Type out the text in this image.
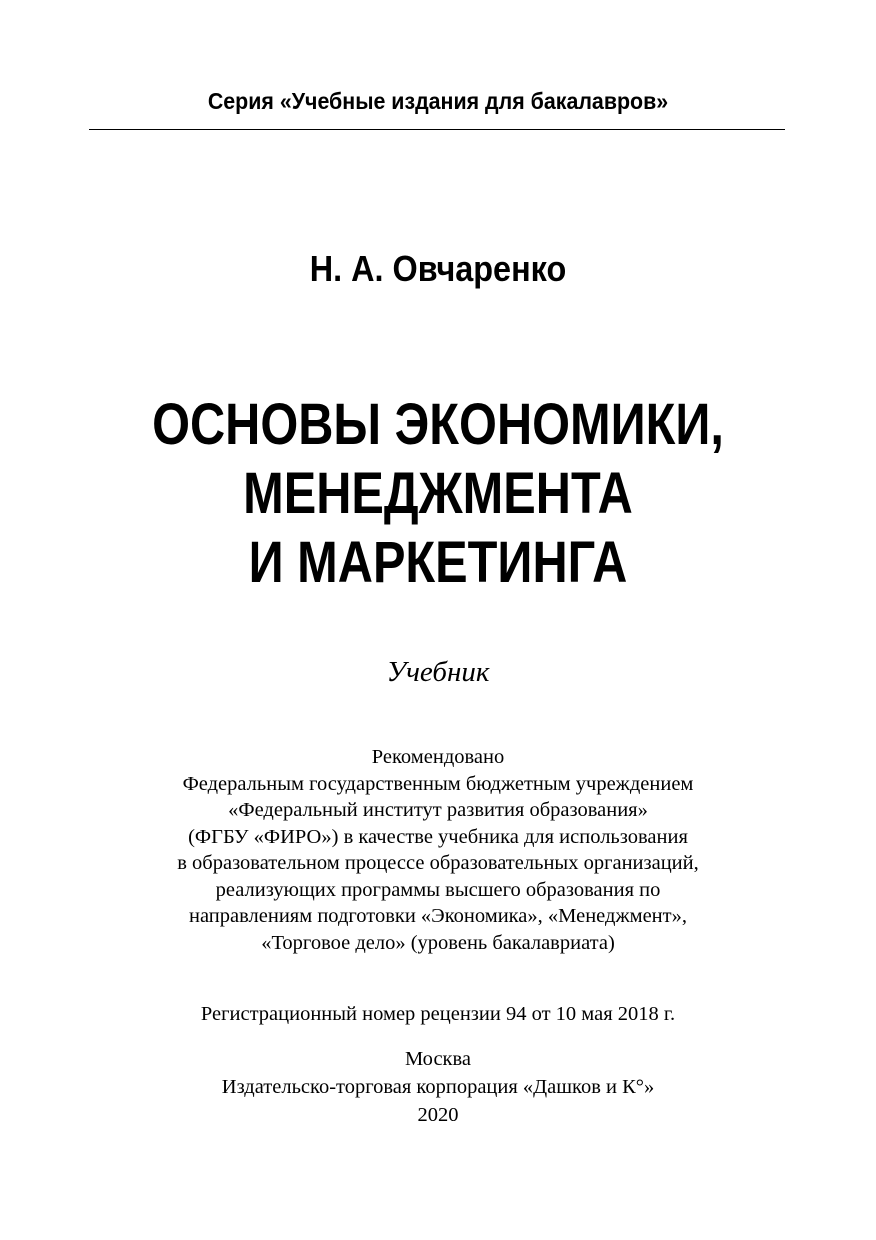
Серия «Учебные издания для бакалавров»
Н. А. Овчаренко
ОСНОВЫ ЭКОНОМИКИ,
МЕНЕДЖМЕНТА
И МАРКЕТИНГА
Учебник
Рекомендовано
Федеральным государственным бюджетным учреждением
«Федеральный институт развития образования»
(ФГБУ «ФИРО») в качестве учебника для использования
в образовательном процессе образовательных организаций,
реализующих программы высшего образования по
направлениям подготовки «Экономика», «Менеджмент»,
«Торговое дело» (уровень бакалавриата)
Регистрационный номер рецензии 94 от 10 мая 2018 г.
Москва
Издательско-торговая корпорация «Дашков и К°»
2020
